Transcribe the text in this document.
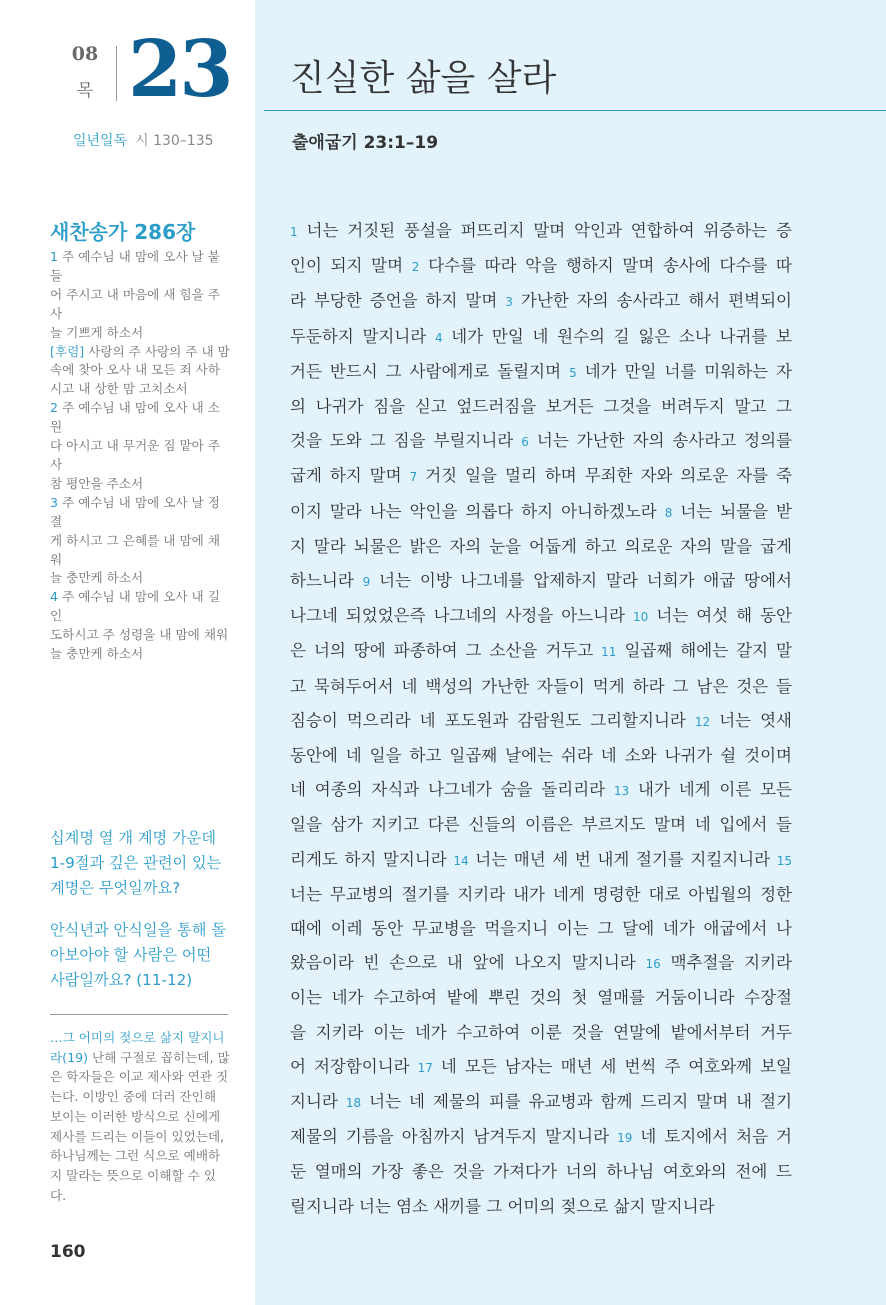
08
목 23
일년일독 시 130–135
새찬송가 286장
1 주 예수님 내 맘에 오사 날 붙들
어 주시고 내 마음에 새 힘을 주사
늘 기쁘게 하소서
[후렴] 사랑의 주 사랑의 주 내 맘
속에 찾아 오사 내 모든 죄 사하
시고 내 상한 맘 고치소서
2 주 예수님 내 맘에 오사 내 소원
다 아시고 내 무거운 짐 맡아 주사
참 평안을 주소서
3 주 예수님 내 맘에 오사 날 정결
게 하시고 그 은혜를 내 맘에 채워
늘 충만케 하소서
4 주 예수님 내 맘에 오사 내 길 인
도하시고 주 성령을 내 맘에 채워
늘 충만케 하소서
십계명 열 개 계명 가운데 1-9절과 깊은 관련이 있는 계명은 무엇일까요?
안식년과 안식일을 통해 돌아보아야 할 사람은 어떤 사람일까요? (11-12)
…그 어미의 젖으로 삶지 말지니라(19) 난해 구절로 꼽히는데, 많은 학자들은 이교 제사와 연관 짓는다. 이방인 중에 더러 잔인해 보이는 이러한 방식으로 신에게 제사를 드리는 이들이 있었는데, 하나님께는 그런 식으로 예배하지 말라는 뜻으로 이해할 수 있다.
160
진실한 삶을 살라
출애굽기 23:1–19
1 너는 거짓된 풍설을 퍼뜨리지 말며 악인과 연합하여 위증하는 증
인이 되지 말며 2 다수를 따라 악을 행하지 말며 송사에 다수를 따
라 부당한 증언을 하지 말며 3 가난한 자의 송사라고 해서 편벽되이
두둔하지 말지니라 4 네가 만일 네 원수의 길 잃은 소나 나귀를 보
거든 반드시 그 사람에게로 돌릴지며 5 네가 만일 너를 미워하는 자
의 나귀가 짐을 싣고 엎드러짐을 보거든 그것을 버려두지 말고 그
것을 도와 그 짐을 부릴지니라 6 너는 가난한 자의 송사라고 정의를
굽게 하지 말며 7 거짓 일을 멀리 하며 무죄한 자와 의로운 자를 죽
이지 말라 나는 악인을 의롭다 하지 아니하겠노라 8 너는 뇌물을 받
지 말라 뇌물은 밝은 자의 눈을 어둡게 하고 의로운 자의 말을 굽게
하느니라 9 너는 이방 나그네를 압제하지 말라 너희가 애굽 땅에서
나그네 되었었은즉 나그네의 사정을 아느니라 10 너는 여섯 해 동안
은 너의 땅에 파종하여 그 소산을 거두고 11 일곱째 해에는 갈지 말
고 묵혀두어서 네 백성의 가난한 자들이 먹게 하라 그 남은 것은 들
짐승이 먹으리라 네 포도원과 감람원도 그리할지니라 12 너는 엿새
동안에 네 일을 하고 일곱째 날에는 쉬라 네 소와 나귀가 쉴 것이며
네 여종의 자식과 나그네가 숨을 돌리리라 13 내가 네게 이른 모든
일을 삼가 지키고 다른 신들의 이름은 부르지도 말며 네 입에서 들
리게도 하지 말지니라 14 너는 매년 세 번 내게 절기를 지킬지니라 15
너는 무교병의 절기를 지키라 내가 네게 명령한 대로 아빕월의 정한
때에 이레 동안 무교병을 먹을지니 이는 그 달에 네가 애굽에서 나
왔음이라 빈 손으로 내 앞에 나오지 말지니라 16 맥추절을 지키라
이는 네가 수고하여 밭에 뿌린 것의 첫 열매를 거둠이니라 수장절
을 지키라 이는 네가 수고하여 이룬 것을 연말에 밭에서부터 거두
어 저장함이니라 17 네 모든 남자는 매년 세 번씩 주 여호와께 보일
지니라 18 너는 네 제물의 피를 유교병과 함께 드리지 말며 내 절기
제물의 기름을 아침까지 남겨두지 말지니라 19 네 토지에서 처음 거
둔 열매의 가장 좋은 것을 가져다가 너의 하나님 여호와의 전에 드
릴지니라 너는 염소 새끼를 그 어미의 젖으로 삶지 말지니라
